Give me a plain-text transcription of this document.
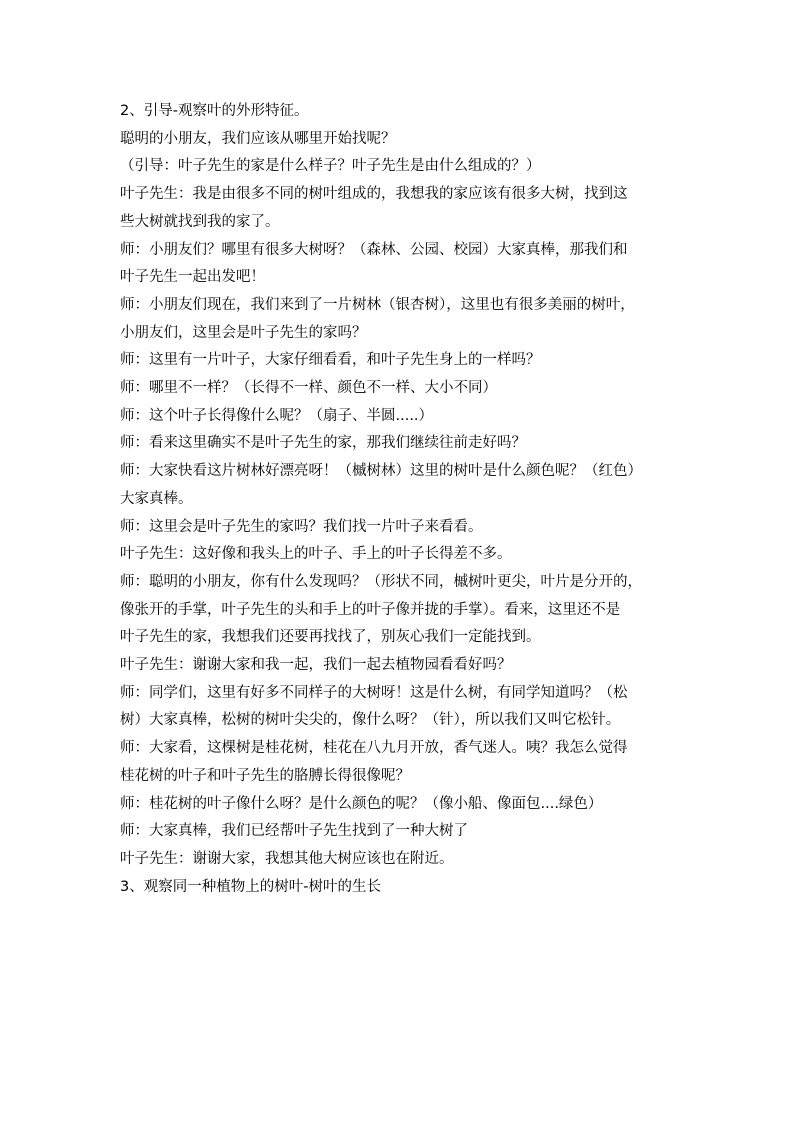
2、引导-观察叶的外形特征。

聪明的小朋友，我们应该从哪里开始找呢？

（引导：叶子先生的家是什么样子？叶子先生是由什么组成的？）

叶子先生：我是由很多不同的树叶组成的，我想我的家应该有很多大树，找到这

些大树就找到我的家了。

师：小朋友们？哪里有很多大树呀？（森林、公园、校园）大家真棒，那我们和

叶子先生一起出发吧！

师：小朋友们现在，我们来到了一片树林（银杏树），这里也有很多美丽的树叶，

小朋友们，这里会是叶子先生的家吗？

师：这里有一片叶子，大家仔细看看，和叶子先生身上的一样吗？

师：哪里不一样？（长得不一样、颜色不一样、大小不同）

师：这个叶子长得像什么呢？（扇子、半圆.....）

师：看来这里确实不是叶子先生的家，那我们继续往前走好吗？

师：大家快看这片树林好漂亮呀！（槭树林）这里的树叶是什么颜色呢？（红色）

大家真棒。

师：这里会是叶子先生的家吗？我们找一片叶子来看看。

叶子先生：这好像和我头上的叶子、手上的叶子长得差不多。

师：聪明的小朋友，你有什么发现吗？（形状不同，槭树叶更尖，叶片是分开的，

像张开的手掌，叶子先生的头和手上的叶子像并拢的手掌）。看来，这里还不是

叶子先生的家，我想我们还要再找找了，别灰心我们一定能找到。

叶子先生：谢谢大家和我一起，我们一起去植物园看看好吗？

师：同学们，这里有好多不同样子的大树呀！这是什么树，有同学知道吗？（松

树）大家真棒，松树的树叶尖尖的，像什么呀？（针），所以我们又叫它松针。

师：大家看，这棵树是桂花树，桂花在八九月开放，香气迷人。咦？我怎么觉得

桂花树的叶子和叶子先生的胳膊长得很像呢？

师：桂花树的叶子像什么呀？是什么颜色的呢？（像小船、像面包....绿色）

师：大家真棒，我们已经帮叶子先生找到了一种大树了

叶子先生：谢谢大家，我想其他大树应该也在附近。

3、观察同一种植物上的树叶-树叶的生长
